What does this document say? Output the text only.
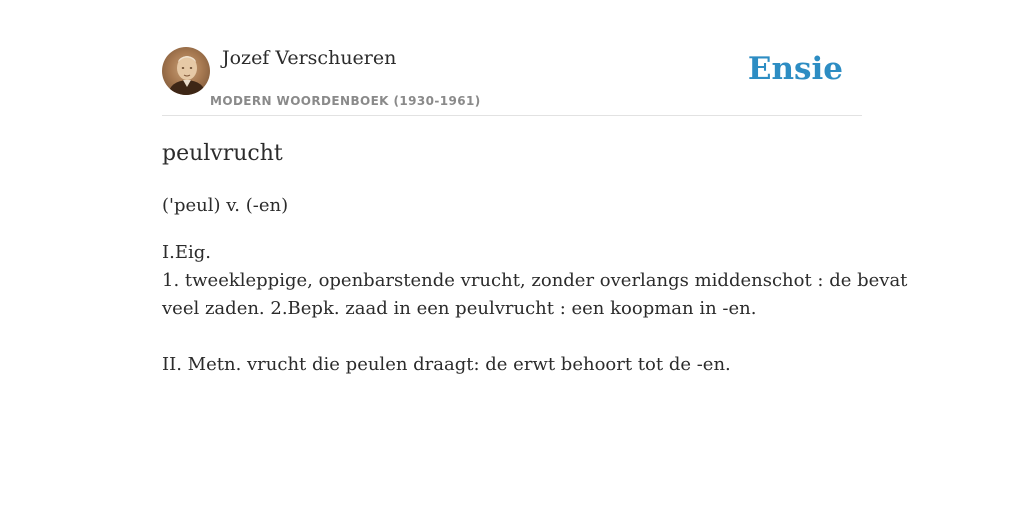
Jozef Verschueren
MODERN WOORDENBOEK (1930-1961)
Ensie
peulvrucht
('peul) v. (-en)
I.Eig.
1. tweekleppige, openbarstende vrucht, zonder overlangs middenschot : de bevat
veel zaden. 2.Bepk. zaad in een peulvrucht : een koopman in -en.
II. Metn. vrucht die peulen draagt: de erwt behoort tot de -en.
